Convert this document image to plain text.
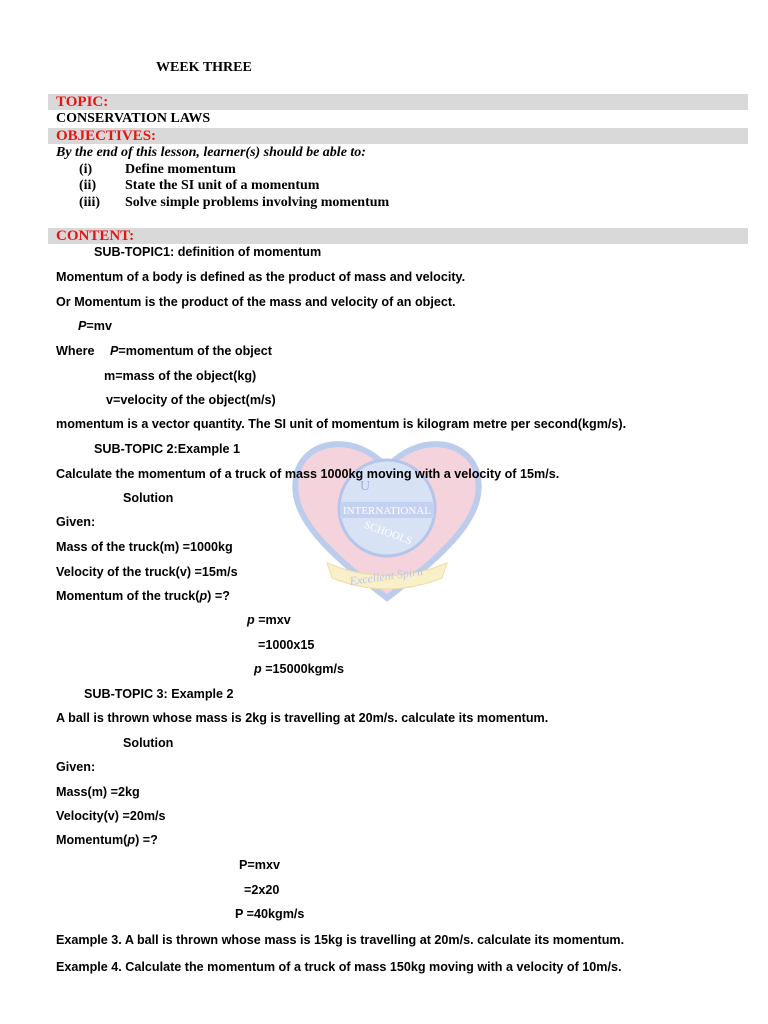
U
INTERNATIONAL
SCHOOLS
Excellent Spirit
WEEK THREE
TOPIC:
CONSERVATION LAWS
OBJECTIVES:
By the end of this lesson, learner(s) should be able to:
(i) Define momentum
(ii) State the SI unit of a momentum
(iii) Solve simple problems involving momentum
CONTENT:
SUB-TOPIC1: definition of momentum
Momentum of a body is defined as the product of mass and velocity.
Or Momentum is the product of the mass and velocity of an object.
P=mv
Where P=momentum of the object
m=mass of the object(kg)
v=velocity of the object(m/s)
momentum is a vector quantity. The SI unit of momentum is kilogram metre per second(kgm/s).
SUB-TOPIC 2:Example 1
Calculate the momentum of a truck of mass 1000kg moving with a velocity of 15m/s.
Solution
Given:
Mass of the truck(m) =1000kg
Velocity of the truck(v) =15m/s
Momentum of the truck(p) =?
p =mxv
=1000x15
p =15000kgm/s
SUB-TOPIC 3: Example 2
A ball is thrown whose mass is 2kg is travelling at 20m/s. calculate its momentum.
Solution
Given:
Mass(m) =2kg
Velocity(v) =20m/s
Momentum(p) =?
P=mxv
=2x20
P =40kgm/s
Example 3. A ball is thrown whose mass is 15kg is travelling at 20m/s. calculate its momentum.
Example 4. Calculate the momentum of a truck of mass 150kg moving with a velocity of 10m/s.
